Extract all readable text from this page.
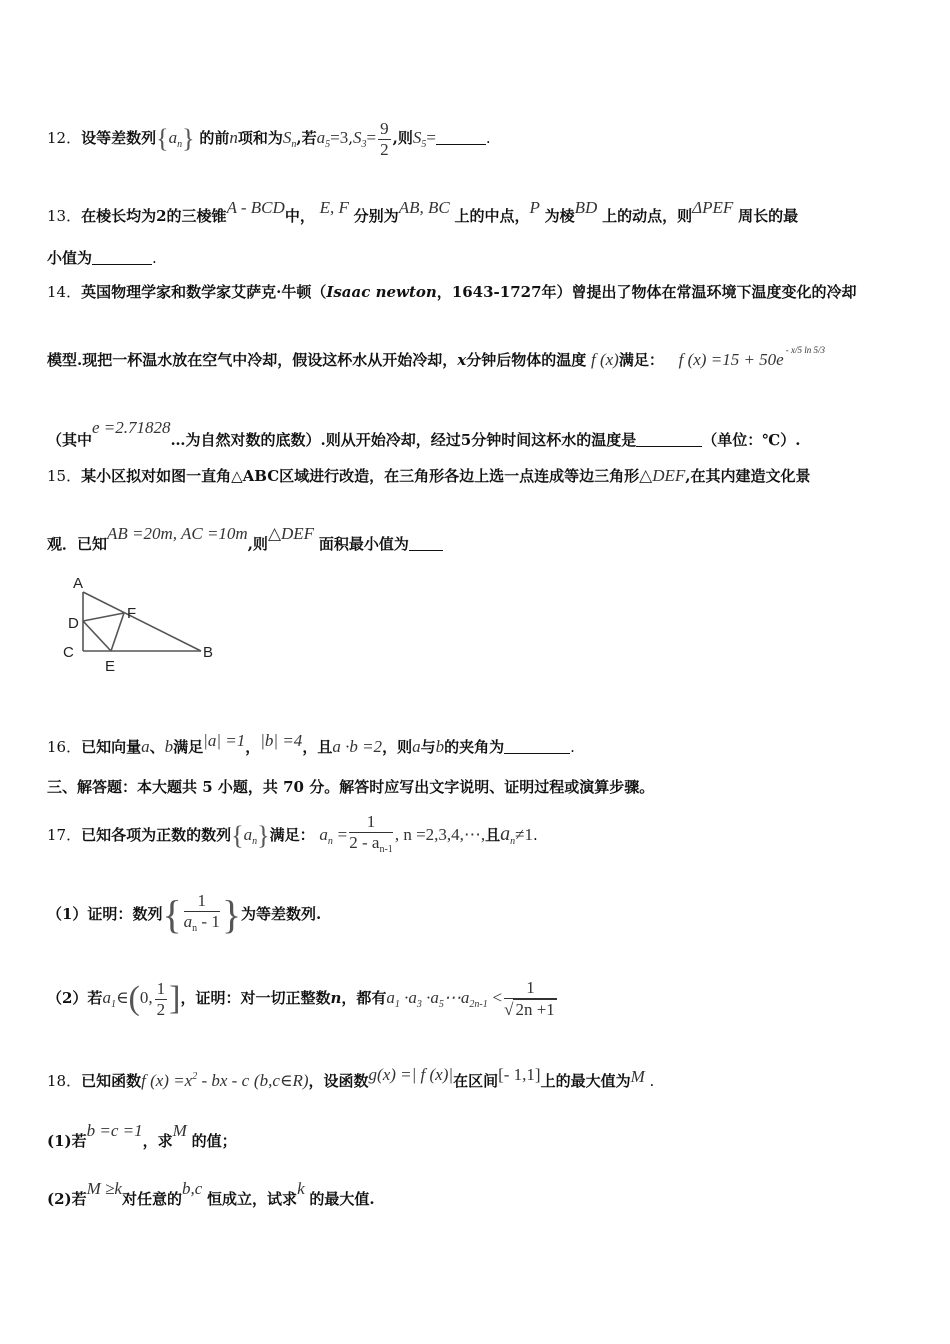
12．设等差数列$\{a_n\}$ 的前n项和为$S_n$,若$a_5=3,S_3= \frac{9}{2}$ ,则$S_5=$	.
13．在棱长均为2的三棱锥A - BCD中， E, F 分别为AB, BC 上的中点，P 为棱BD 上的动点，则ΔPEF 周长的最
小值为	.
14．英国物理学家和数学家艾萨克·牛顿（Isaac newton，1643-1727年）曾提出了物体在常温环境下温度变化的冷却
模型.现把一杯温水放在空气中冷却，假设这杯水从开始冷却，x分钟后物体的温度 f (x)满足： f (x) =15 + 50e $^{- x/5 ln 5/3}$
（其中e =2.71828…为自然对数的底数）.则从开始冷却，经过5分钟时间这杯水的温度是	（单位：℃）.
15．某小区拟对如图一直角△ABC区域进行改造，在三角形各边上选一点连成等边三角形△DEF,在其内建造文化景
观．已知AB =20m, AC =10m,则△DEF 面积最小值为
A
D
F
C
E
B
16．已知向量a、b满足|a| =1，|b| =4，且a ·b =2，则a与b的夹角为	.
三、解答题：本大题共 5 小题，共 70 分。解答时应写出文字说明、证明过程或演算步骤。
17．已知各项为正数的数列$\{a_n\}$满足： $a_n = \frac{1}{2 - a_{n-1}}$ , n =2,3,4,⋯,且$a_n\ne 1$.
（1）证明：数列{ $\frac{1}{a_n - 1}$ }为等差数列.
（2）若$a_1\in(0$, $\frac{1}{2}$ ]，证明：对一切正整数n，都有$a_1 \cdot a_3$ $\cdot a_5\cdots a_{2n-1} < \frac{1}{√ 2n +1}$
18．已知函数f $(x) =x^2$ - bx - c (b,c∈R)，设函数g(x) =| f (x)|在区间[- 1,1]上的最大值为M .
(1)若b =c =1，求M 的值；
(2)若M ≥k对任意的b,c 恒成立，试求k 的最大值.
